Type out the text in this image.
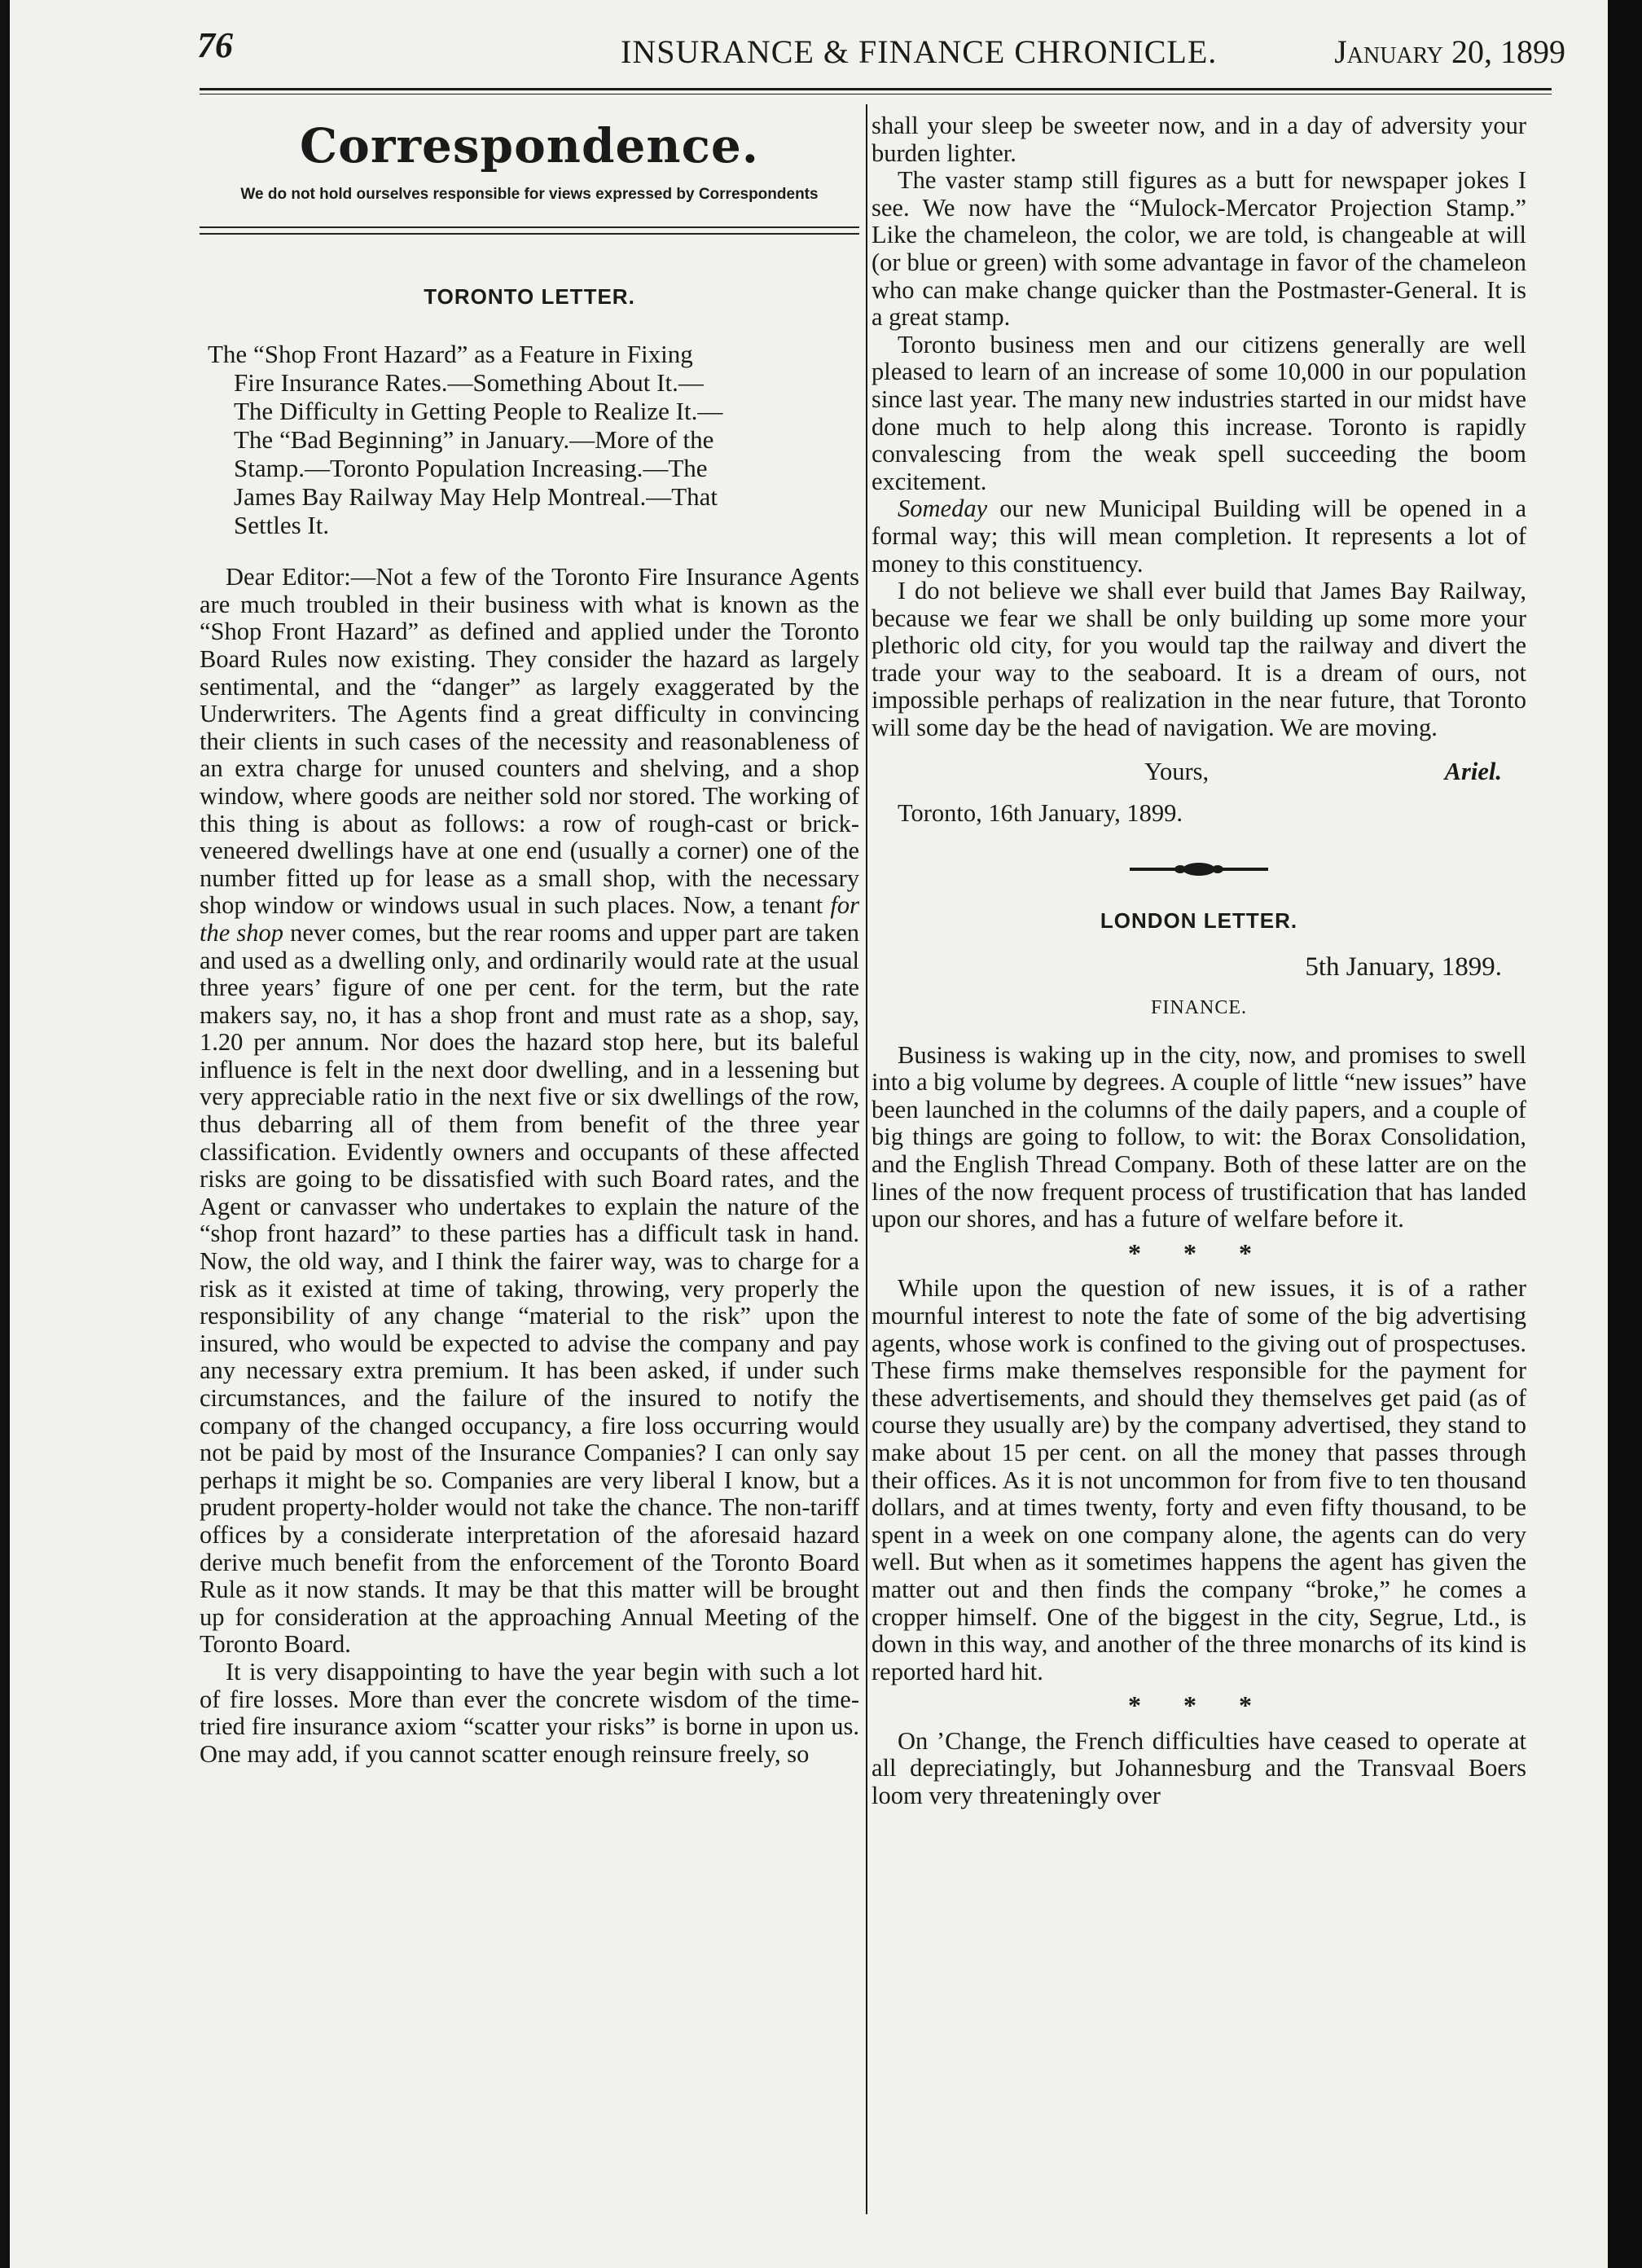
76	INSURANCE & FINANCE CHRONICLE.	January 20, 1899
Correspondence.
We do not hold ourselves responsible for views expressed by Correspondents
TORONTO LETTER.
The “Shop Front Hazard” as a Feature in Fixing
Fire Insurance Rates.—Something About It.—
The Difficulty in Getting People to Realize It.—
The “Bad Beginning” in January.—More of the
Stamp.—Toronto Population Increasing.—The
James Bay Railway May Help Montreal.—That
Settles It.

Dear Editor:—Not a few of the Toronto Fire Insurance Agents are much troubled in their business with what is known as the “Shop Front Hazard” as defined and applied under the Toronto Board Rules now existing. They consider the hazard as largely sentimental, and the “danger” as largely exaggerated by the Underwriters. The Agents find a great difficulty in convincing their clients in such cases of the necessity and reasonableness of an extra charge for unused counters and shelving, and a shop window, where goods are neither sold nor stored. The working of this thing is about as follows: a row of rough-cast or brick-veneered dwellings have at one end (usually a corner) one of the number fitted up for lease as a small shop, with the necessary shop window or windows usual in such places. Now, a tenant for the shop never comes, but the rear rooms and upper part are taken and used as a dwelling only, and ordinarily would rate at the usual three years’ figure of one per cent. for the term, but the rate makers say, no, it has a shop front and must rate as a shop, say, 1.20 per annum. Nor does the hazard stop here, but its baleful influence is felt in the next door dwelling, and in a lessening but very appreciable ratio in the next five or six dwellings of the row, thus debarring all of them from benefit of the three year classification. Evidently owners and occupants of these affected risks are going to be dissatisfied with such Board rates, and the Agent or canvasser who undertakes to explain the nature of the “shop front hazard” to these parties has a difficult task in hand. Now, the old way, and I think the fairer way, was to charge for a risk as it existed at time of taking, throwing, very properly the responsibility of any change “material to the risk” upon the insured, who would be expected to advise the company and pay any necessary extra premium. It has been asked, if under such circumstances, and the failure of the insured to notify the company of the changed occupancy, a fire loss occurring would not be paid by most of the Insurance Companies? I can only say perhaps it might be so. Companies are very liberal I know, but a prudent property-holder would not take the chance. The non-tariff offices by a considerate interpretation of the aforesaid hazard derive much benefit from the enforcement of the Toronto Board Rule as it now stands. It may be that this matter will be brought up for consideration at the approaching Annual Meeting of the Toronto Board.

It is very disappointing to have the year begin with such a lot of fire losses. More than ever the concrete wisdom of the time-tried fire insurance axiom “scatter your risks” is borne in upon us. One may add, if you cannot scatter enough reinsure freely, so

shall your sleep be sweeter now, and in a day of adversity your burden lighter.

The vaster stamp still figures as a butt for newspaper jokes I see. We now have the “Mulock-Mercator Projection Stamp.” Like the chameleon, the color, we are told, is changeable at will (or blue or green) with some advantage in favor of the chameleon who can make change quicker than the Postmaster-General. It is a great stamp.

Toronto business men and our citizens generally are well pleased to learn of an increase of some 10,000 in our population since last year. The many new industries started in our midst have done much to help along this increase. Toronto is rapidly convalescing from the weak spell succeeding the boom excitement.

Someday our new Municipal Building will be opened in a formal way; this will mean completion. It represents a lot of money to this constituency.

I do not believe we shall ever build that James Bay Railway, because we fear we shall be only building up some more your plethoric old city, for you would tap the railway and divert the trade your way to the seaboard. It is a dream of ours, not impossible perhaps of realization in the near future, that Toronto will some day be the head of navigation. We are moving.

Yours,	Ariel.
Toronto, 16th January, 1899.
LONDON LETTER.
5th January, 1899.
FINANCE.

Business is waking up in the city, now, and promises to swell into a big volume by degrees. A couple of little “new issues” have been launched in the columns of the daily papers, and a couple of big things are going to follow, to wit: the Borax Consolidation, and the English Thread Company. Both of these latter are on the lines of the now frequent process of trustification that has landed upon our shores, and has a future of welfare before it.

* * *

While upon the question of new issues, it is of a rather mournful interest to note the fate of some of the big advertising agents, whose work is confined to the giving out of prospectuses. These firms make themselves responsible for the payment for these advertisements, and should they themselves get paid (as of course they usually are) by the company advertised, they stand to make about 15 per cent. on all the money that passes through their offices. As it is not uncommon for from five to ten thousand dollars, and at times twenty, forty and even fifty thousand, to be spent in a week on one company alone, the agents can do very well. But when as it sometimes happens the agent has given the matter out and then finds the company “broke,” he comes a cropper himself. One of the biggest in the city, Segrue, Ltd., is down in this way, and another of the three monarchs of its kind is reported hard hit.

* * *

On ’Change, the French difficulties have ceased to operate at all depreciatingly, but Johannesburg and the Transvaal Boers loom very threateningly over
